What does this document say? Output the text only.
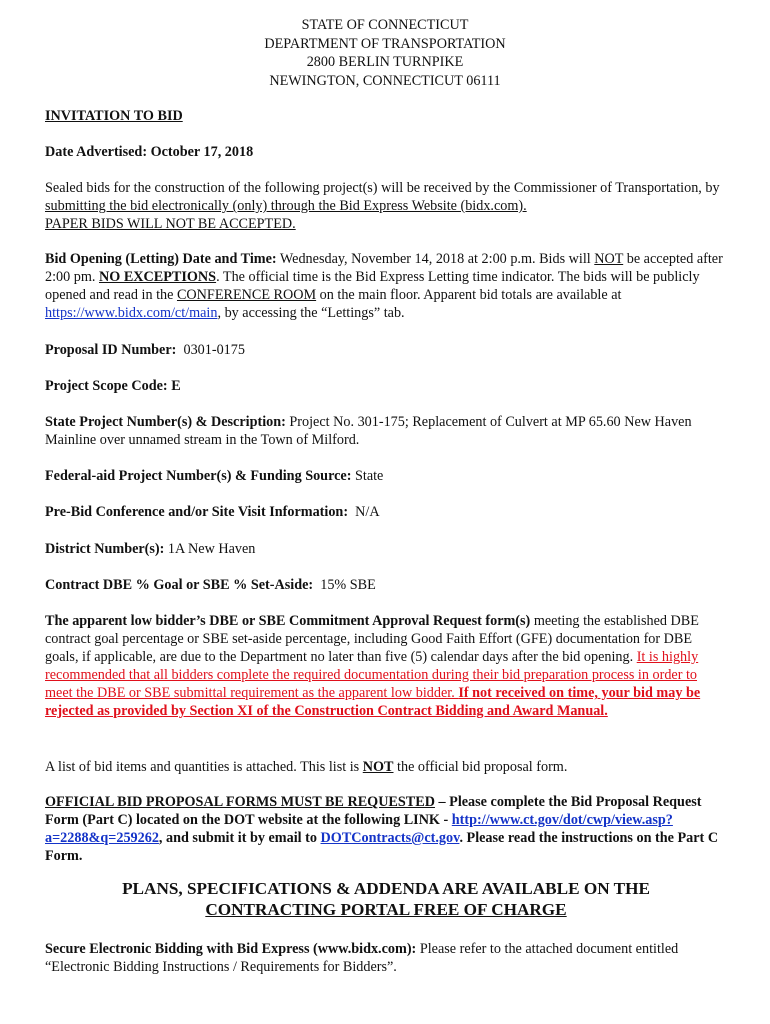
STATE OF CONNECTICUT
DEPARTMENT OF TRANSPORTATION
2800 BERLIN TURNPIKE
NEWINGTON, CONNECTICUT 06111

INVITATION TO BID

Date Advertised: October 17, 2018

Sealed bids for the construction of the following project(s) will be received by the Commissioner of Transportation, by submitting the bid electronically (only) through the Bid Express Website (bidx.com).
PAPER BIDS WILL NOT BE ACCEPTED.

Bid Opening (Letting) Date and Time: Wednesday, November 14, 2018 at 2:00 p.m. Bids will NOT be accepted after 2:00 pm. NO EXCEPTIONS. The official time is the Bid Express Letting time indicator. The bids will be publicly opened and read in the CONFERENCE ROOM on the main floor. Apparent bid totals are available at https://www.bidx.com/ct/main, by accessing the “Lettings” tab.

Proposal ID Number:  0301-0175

Project Scope Code: E

State Project Number(s) & Description: Project No. 301-175; Replacement of Culvert at MP 65.60 New Haven Mainline over unnamed stream in the Town of Milford.

Federal-aid Project Number(s) & Funding Source: State

Pre-Bid Conference and/or Site Visit Information:  N/A

District Number(s): 1A New Haven

Contract DBE % Goal or SBE % Set-Aside:  15% SBE

The apparent low bidder’s DBE or SBE Commitment Approval Request form(s) meeting the established DBE contract goal percentage or SBE set-aside percentage, including Good Faith Effort (GFE) documentation for DBE goals, if applicable, are due to the Department no later than five (5) calendar days after the bid opening. It is highly recommended that all bidders complete the required documentation during their bid preparation process in order to meet the DBE or SBE submittal requirement as the apparent low bidder. If not received on time, your bid may be rejected as provided by Section XI of the Construction Contract Bidding and Award Manual.

A list of bid items and quantities is attached. This list is NOT the official bid proposal form.

OFFICIAL BID PROPOSAL FORMS MUST BE REQUESTED – Please complete the Bid Proposal Request Form (Part C) located on the DOT website at the following LINK - http://www.ct.gov/dot/cwp/view.asp?a=2288&q=259262, and submit it by email to DOTContracts@ct.gov. Please read the instructions on the Part C Form.

PLANS, SPECIFICATIONS & ADDENDA ARE AVAILABLE ON THE
CONTRACTING PORTAL FREE OF CHARGE

Secure Electronic Bidding with Bid Express (www.bidx.com): Please refer to the attached document entitled “Electronic Bidding Instructions / Requirements for Bidders”.
